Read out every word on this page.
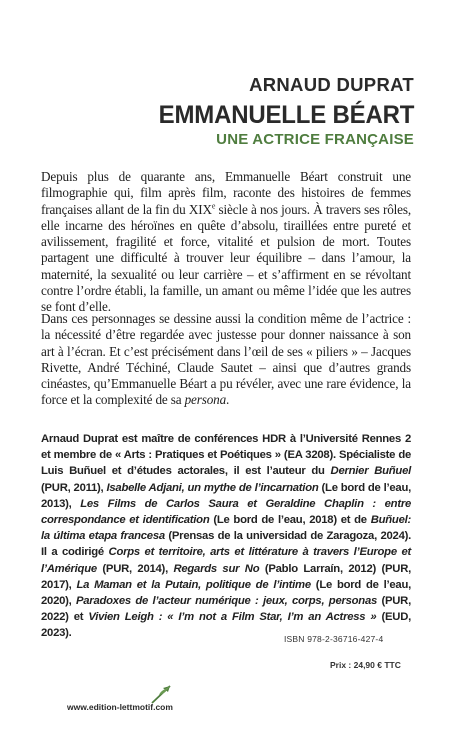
ARNAUD DUPRAT
EMMANUELLE BÉART
UNE ACTRICE FRANÇAISE

Depuis plus de quarante ans, Emmanuelle Béart construit une filmographie qui, film après film, raconte des histoires de femmes françaises allant de la fin du XIXe siècle à nos jours. À travers ses rôles, elle incarne des héroïnes en quête d’absolu, tiraillées entre pureté et avilissement, fragilité et force, vitalité et pulsion de mort. Toutes partagent une difficulté à trouver leur équilibre – dans l’amour, la maternité, la sexualité ou leur carrière – et s’affirment en se révoltant contre l’ordre établi, la famille, un amant ou même l’idée que les autres se font d’elle.

Dans ces personnages se dessine aussi la condition même de l’actrice : la nécessité d’être regardée avec justesse pour donner naissance à son art à l’écran. Et c’est précisément dans l’œil de ses « piliers » – Jacques Rivette, André Téchiné, Claude Sautet – ainsi que d’autres grands cinéastes, qu’Emmanuelle Béart a pu révéler, avec une rare évidence, la force et la complexité de sa persona.

Arnaud Duprat est maître de conférences HDR à l’Université Rennes 2 et membre de « Arts : Pratiques et Poétiques » (EA 3208). Spécialiste de Luis Buñuel et d’études actorales, il est l’auteur du Dernier Buñuel (PUR, 2011), Isabelle Adjani, un mythe de l’incarnation (Le bord de l’eau, 2013), Les Films de Carlos Saura et Geraldine Chaplin : entre correspondance et identification (Le bord de l’eau, 2018) et de Buñuel: la última etapa francesa (Prensas de la universidad de Zaragoza, 2024). Il a codirigé Corps et territoire, arts et littérature à travers l’Europe et l’Amérique (PUR, 2014), Regards sur No (Pablo Larraín, 2012) (PUR, 2017), La Maman et la Putain, politique de l’intime (Le bord de l’eau, 2020), Paradoxes de l’acteur numérique : jeux, corps, personas (PUR, 2022) et Vivien Leigh : « I’m not a Film Star, I’m an Actress » (EUD, 2023).	ISBN 978-2-36716-427-4

Prix : 24,90 € TTC

www.edition-lettmotif.com
